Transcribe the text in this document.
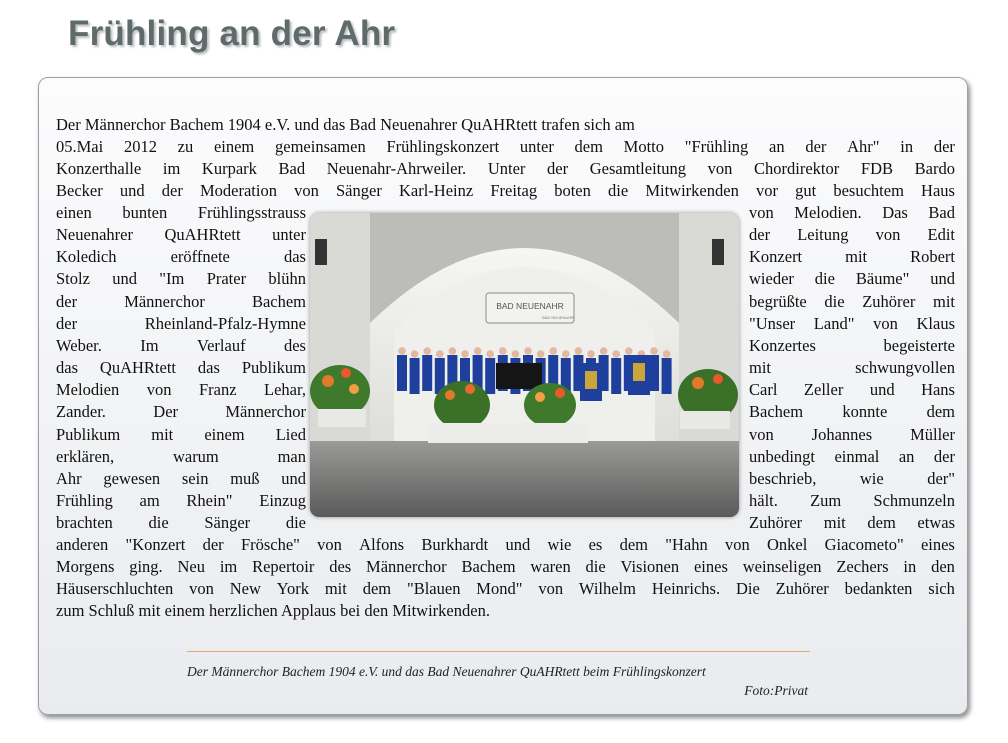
Frühling an der Ahr
Der Männerchor Bachem 1904 e.V. und das Bad Neuenahrer QuAHRtett trafen sich am
05.Mai 2012 zu einem gemeinsamen Frühlingskonzert unter dem Motto "Frühling an der Ahr" in der
Konzerthalle im Kurpark Bad Neuenahr-Ahrweiler. Unter der Gesamtleitung von Chordirektor FDB Bardo
Becker und der Moderation von Sänger Karl-Heinz Freitag boten die Mitwirkenden vor gut besuchtem Haus
einen bunten Frühlingsstrauss
Neuenahrer QuAHRtett unter
Koledich	eröffnete	das
Stolz und "Im Prater blühn
der	Männerchor	Bachem
der	Rheinland-Pfalz-Hymne
Weber. Im Verlauf des
das QuAHRtett das Publikum
Melodien von Franz Lehar,
Zander.	Der	Männerchor
Publikum mit einem Lied
erklären,	warum	man
Ahr gewesen sein muß und
Frühling am Rhein" Einzug
brachten die Sänger die
von Melodien. Das Bad
der Leitung von Edit
Konzert	mit	Robert
wieder die Bäume" und
begrüßte die Zuhörer mit
"Unser Land" von Klaus
Konzertes	begeisterte
mit	schwungvollen
Carl Zeller und Hans
Bachem konnte dem
von Johannes Müller
unbedingt einmal an der
beschrieb,	wie	der"
hält. Zum Schmunzeln
Zuhörer mit dem etwas
anderen "Konzert der Frösche" von Alfons Burkhardt und wie es dem "Hahn von Onkel Giacometo" eines
Morgens ging. Neu im Repertoir des Männerchor Bachem waren die Visionen eines weinseligen Zechers in den
Häuserschluchten von New York mit dem "Blauen Mond" von Wilhelm Heinrichs. Die Zuhörer bedankten sich
zum Schluß mit einem herzlichen Applaus bei den Mitwirkenden.
BAD NEUENAHR
BAD NEUENAHR
Der Männerchor Bachem 1904 e.V. und das Bad Neuenahrer QuAHRtett beim Frühlingskonzert
Foto:Privat
